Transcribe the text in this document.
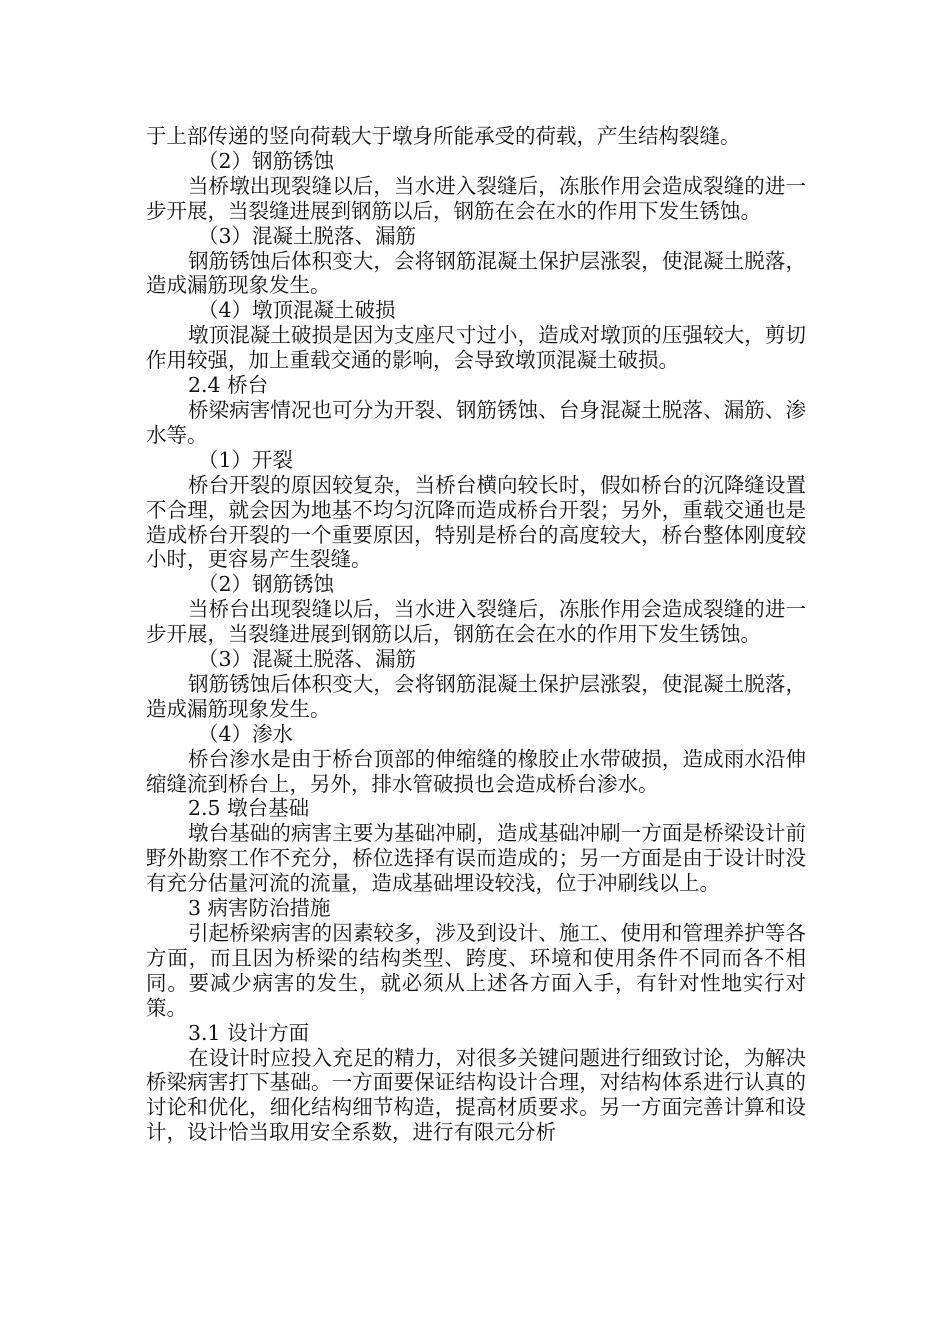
于上部传递的竖向荷载大于墩身所能承受的荷载，产生结构裂缝。

（2）钢筋锈蚀

当桥墩出现裂缝以后，当水进入裂缝后，冻胀作用会造成裂缝的进一步开展，当裂缝进展到钢筋以后，钢筋在会在水的作用下发生锈蚀。

（3）混凝土脱落、漏筋

钢筋锈蚀后体积变大，会将钢筋混凝土保护层涨裂，使混凝土脱落，造成漏筋现象发生。

（4）墩顶混凝土破损

墩顶混凝土破损是因为支座尺寸过小，造成对墩顶的压强较大，剪切作用较强，加上重载交通的影响，会导致墩顶混凝土破损。

2.4 桥台

桥梁病害情况也可分为开裂、钢筋锈蚀、台身混凝土脱落、漏筋、渗水等。

（1）开裂

桥台开裂的原因较复杂，当桥台横向较长时，假如桥台的沉降缝设置不合理，就会因为地基不均匀沉降而造成桥台开裂；另外，重载交通也是造成桥台开裂的一个重要原因，特别是桥台的高度较大，桥台整体刚度较小时，更容易产生裂缝。

（2）钢筋锈蚀

当桥台出现裂缝以后，当水进入裂缝后，冻胀作用会造成裂缝的进一步开展，当裂缝进展到钢筋以后，钢筋在会在水的作用下发生锈蚀。

（3）混凝土脱落、漏筋

钢筋锈蚀后体积变大，会将钢筋混凝土保护层涨裂，使混凝土脱落，造成漏筋现象发生。

（4）渗水

桥台渗水是由于桥台顶部的伸缩缝的橡胶止水带破损，造成雨水沿伸缩缝流到桥台上，另外，排水管破损也会造成桥台渗水。

2.5 墩台基础

墩台基础的病害主要为基础冲刷，造成基础冲刷一方面是桥梁设计前野外勘察工作不充分，桥位选择有误而造成的；另一方面是由于设计时没有充分估量河流的流量，造成基础埋设较浅，位于冲刷线以上。

3 病害防治措施

引起桥梁病害的因素较多，涉及到设计、施工、使用和管理养护等各方面，而且因为桥梁的结构类型、跨度、环境和使用条件不同而各不相同。要减少病害的发生，就必须从上述各方面入手，有针对性地实行对策。

3.1 设计方面

在设计时应投入充足的精力，对很多关键问题进行细致讨论，为解决桥梁病害打下基础。一方面要保证结构设计合理，对结构体系进行认真的讨论和优化，细化结构细节构造，提高材质要求。另一方面完善计算和设计，设计恰当取用安全系数，进行有限元分析
